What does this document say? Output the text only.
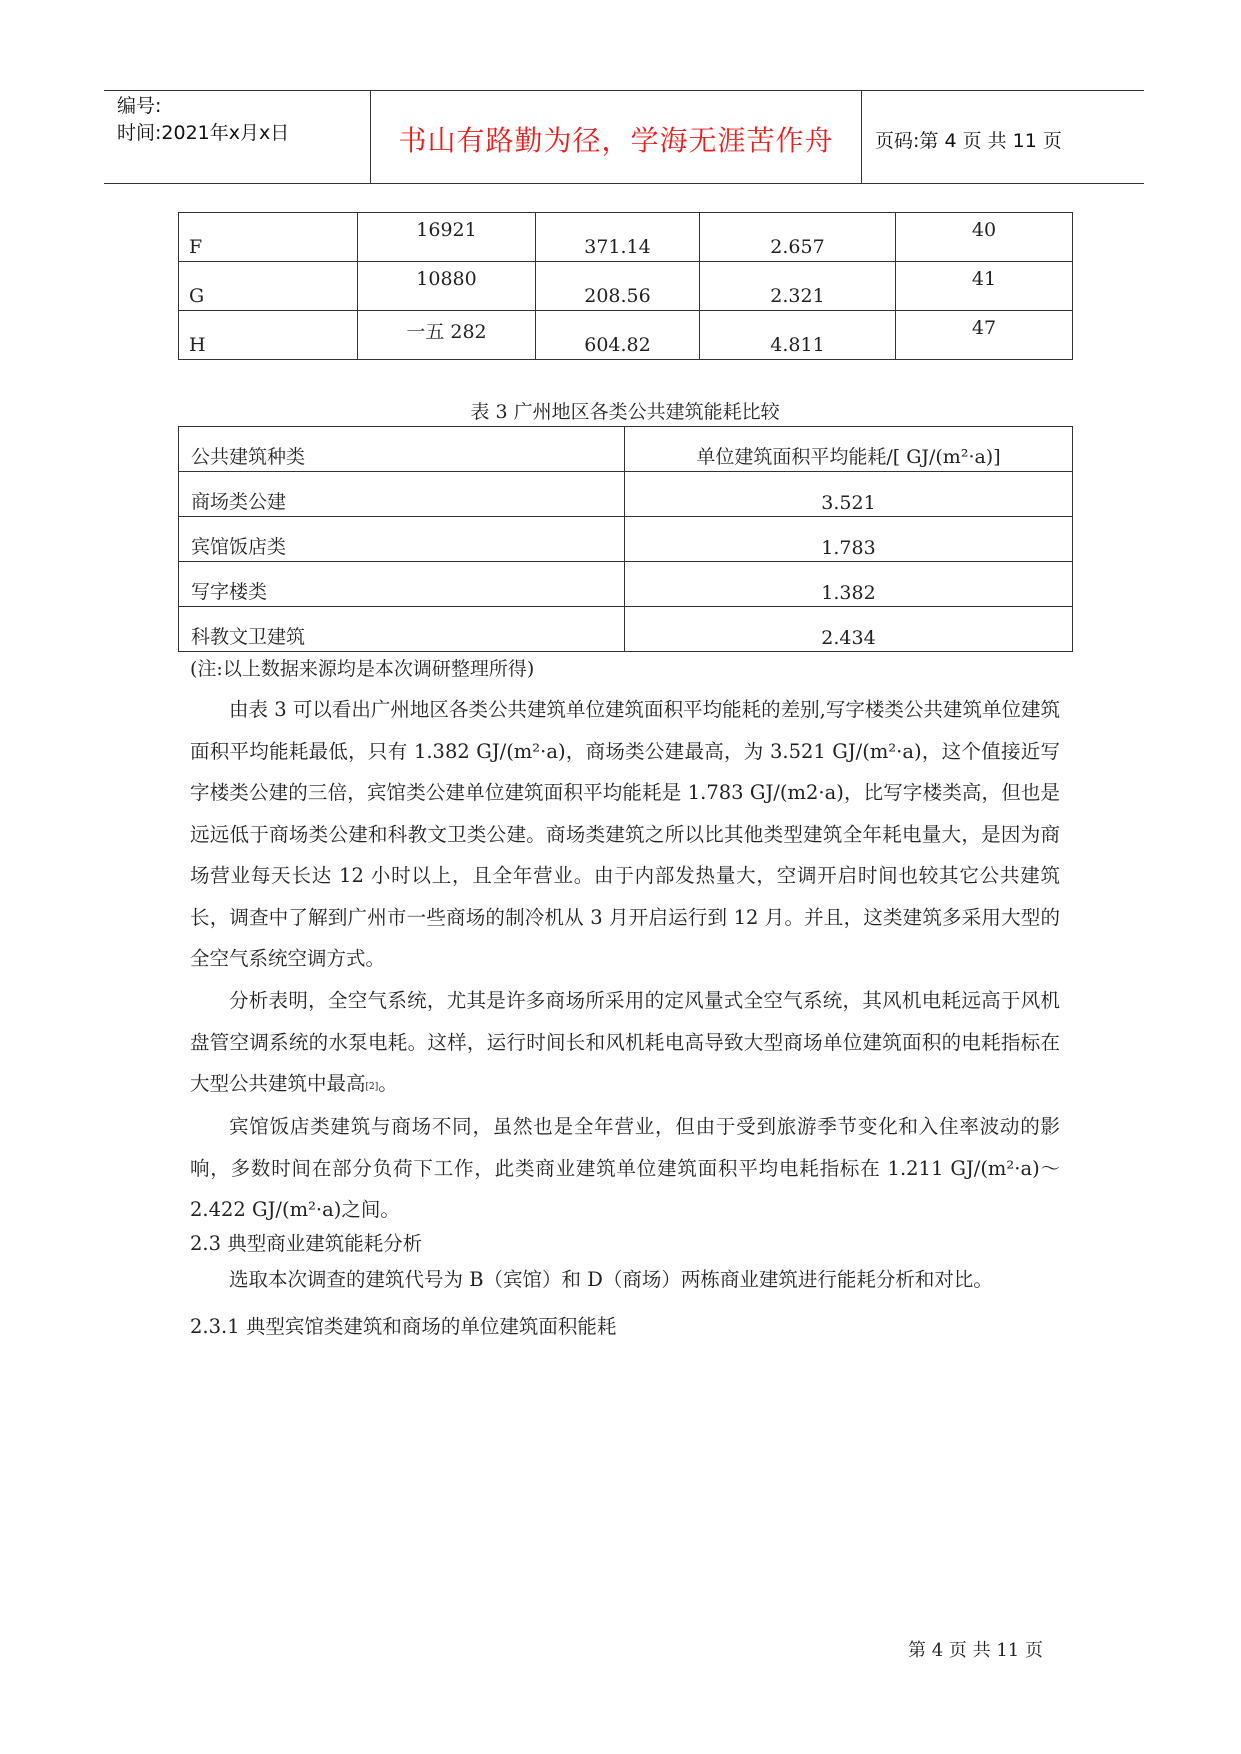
编号:
时间:2021年x月x日	书山有路勤为径，学海无涯苦作舟	页码:第 4 页 共 11 页
F	16921	371.14	2.657	40
G	10880	208.56	2.321	41
H	一五 282	604.82	4.811	47
表 3 广州地区各类公共建筑能耗比较
公共建筑种类	单位建筑面积平均能耗/[ GJ/(m²·a)]
商场类公建	3.521
宾馆饭店类	1.783
写字楼类	1.382
科教文卫建筑	2.434
(注:以上数据来源均是本次调研整理所得)

由表 3 可以看出广州地区各类公共建筑单位建筑面积平均能耗的差别,写字楼类公共建筑单位建筑面积平均能耗最低，只有 1.382 GJ/(m²·a)，商场类公建最高，为 3.521 GJ/(m²·a)，这个值接近写字楼类公建的三倍，宾馆类公建单位建筑面积平均能耗是 1.783 GJ/(m2·a)，比写字楼类高，但也是远远低于商场类公建和科教文卫类公建。商场类建筑之所以比其他类型建筑全年耗电量大，是因为商场营业每天长达 12 小时以上，且全年营业。由于内部发热量大，空调开启时间也较其它公共建筑长，调查中了解到广州市一些商场的制冷机从 3 月开启运行到 12 月。并且，这类建筑多采用大型的全空气系统空调方式。

分析表明，全空气系统，尤其是许多商场所采用的定风量式全空气系统，其风机电耗远高于风机盘管空调系统的水泵电耗。这样，运行时间长和风机耗电高导致大型商场单位建筑面积的电耗指标在大型公共建筑中最高[2]。

宾馆饭店类建筑与商场不同，虽然也是全年营业，但由于受到旅游季节变化和入住率波动的影响，多数时间在部分负荷下工作，此类商业建筑单位建筑面积平均电耗指标在 1.211 GJ/(m²·a)～2.422 GJ/(m²·a)之间。

2.3 典型商业建筑能耗分析

选取本次调查的建筑代号为 B（宾馆）和 D（商场）两栋商业建筑进行能耗分析和对比。

2.3.1 典型宾馆类建筑和商场的单位建筑面积能耗
第 4 页 共 11 页
